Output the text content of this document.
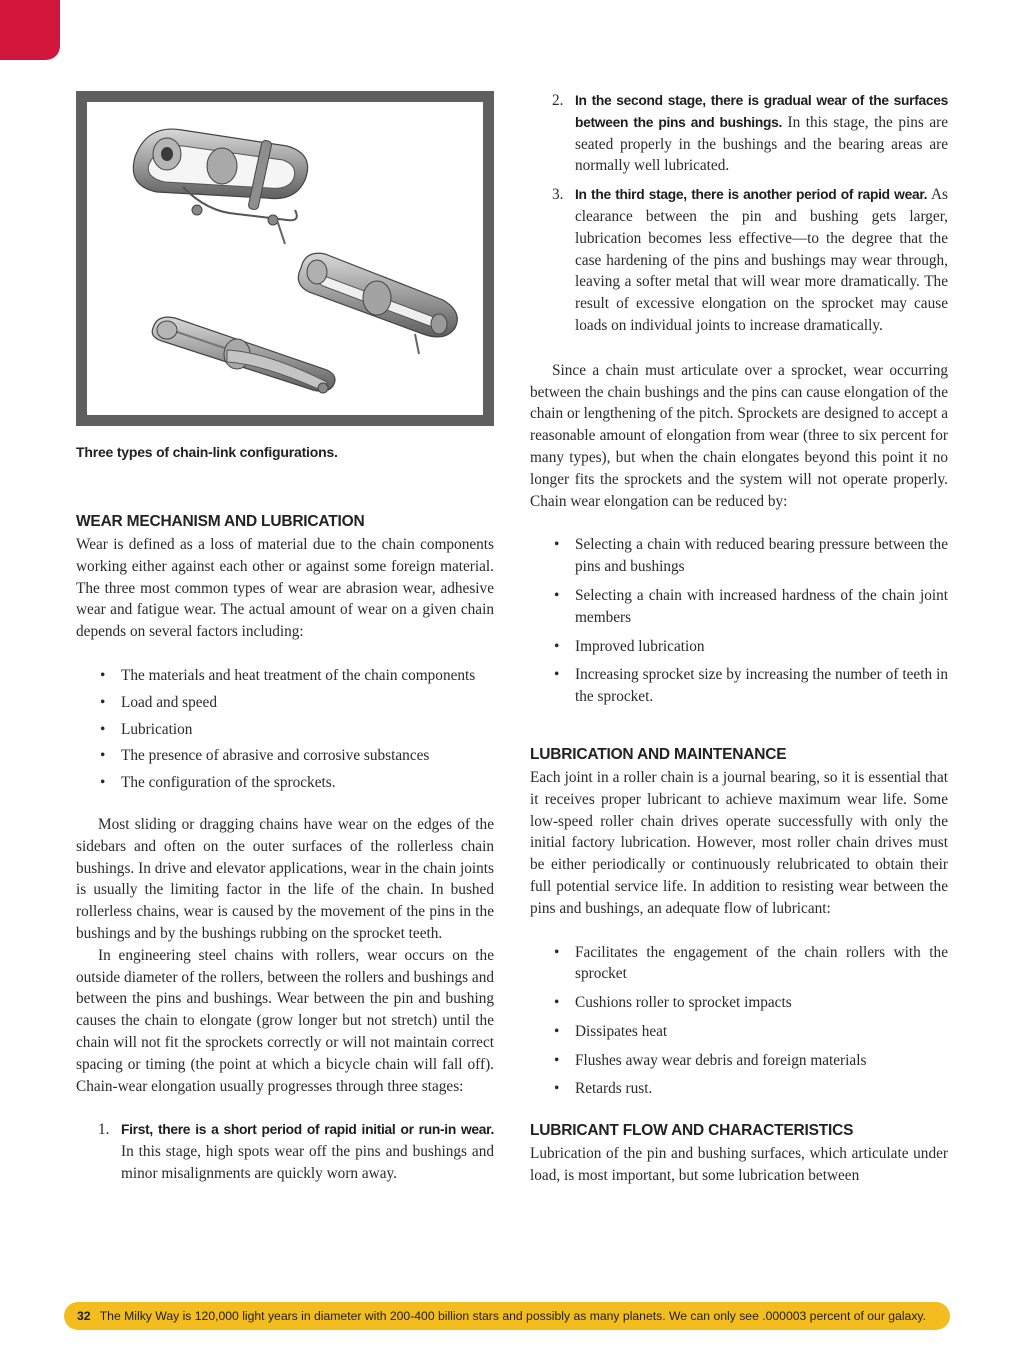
Three types of chain-link configurations.
WEAR MECHANISM AND LUBRICATION

Wear is defined as a loss of material due to the chain components working either against each other or against some foreign material. The three most common types of wear are abrasion wear, adhesive wear and fatigue wear. The actual amount of wear on a given chain depends on several factors including:

• The materials and heat treatment of the chain components
• Load and speed
• Lubrication
• The presence of abrasive and corrosive substances
• The configuration of the sprockets.

Most sliding or dragging chains have wear on the edges of the sidebars and often on the outer surfaces of the rollerless chain bushings. In drive and elevator applications, wear in the chain joints is usually the limiting factor in the life of the chain. In bushed rollerless chains, wear is caused by the movement of the pins in the bushings and by the bushings rubbing on the sprocket teeth.

In engineering steel chains with rollers, wear occurs on the outside diameter of the rollers, between the rollers and bushings and between the pins and bushings. Wear between the pin and bushing causes the chain to elongate (grow longer but not stretch) until the chain will not fit the sprockets correctly or will not maintain correct spacing or timing (the point at which a bicycle chain will fall off). Chain-wear elongation usually progresses through three stages:

1. First, there is a short period of rapid initial or run-in wear. In this stage, high spots wear off the pins and bushings and minor misalignments are quickly worn away.
2. In the second stage, there is gradual wear of the surfaces between the pins and bushings. In this stage, the pins are seated properly in the bushings and the bearing areas are normally well lubricated.
3. In the third stage, there is another period of rapid wear. As clearance between the pin and bushing gets larger, lubrication becomes less effective—to the degree that the case hardening of the pins and bushings may wear through, leaving a softer metal that will wear more dramatically. The result of excessive elongation on the sprocket may cause loads on individual joints to increase dramatically.

Since a chain must articulate over a sprocket, wear occurring between the chain bushings and the pins can cause elongation of the chain or lengthening of the pitch. Sprockets are designed to accept a reasonable amount of elongation from wear (three to six percent for many types), but when the chain elongates beyond this point it no longer fits the sprockets and the system will not operate properly. Chain wear elongation can be reduced by:

• Selecting a chain with reduced bearing pressure between the pins and bushings
• Selecting a chain with increased hardness of the chain joint members
• Improved lubrication
• Increasing sprocket size by increasing the number of teeth in the sprocket.
LUBRICATION AND MAINTENANCE

Each joint in a roller chain is a journal bearing, so it is essential that it receives proper lubricant to achieve maximum wear life. Some low-speed roller chain drives operate successfully with only the initial factory lubrication. However, most roller chain drives must be either periodically or continuously relubricated to obtain their full potential service life. In addition to resisting wear between the pins and bushings, an adequate flow of lubricant:

• Facilitates the engagement of the chain rollers with the sprocket
• Cushions roller to sprocket impacts
• Dissipates heat
• Flushes away wear debris and foreign materials
• Retards rust.
LUBRICANT FLOW AND CHARACTERISTICS

Lubrication of the pin and bushing surfaces, which articulate under load, is most important, but some lubrication between

32 The Milky Way is 120,000 light years in diameter with 200-400 billion stars and possibly as many planets. We can only see .000003 percent of our galaxy.
